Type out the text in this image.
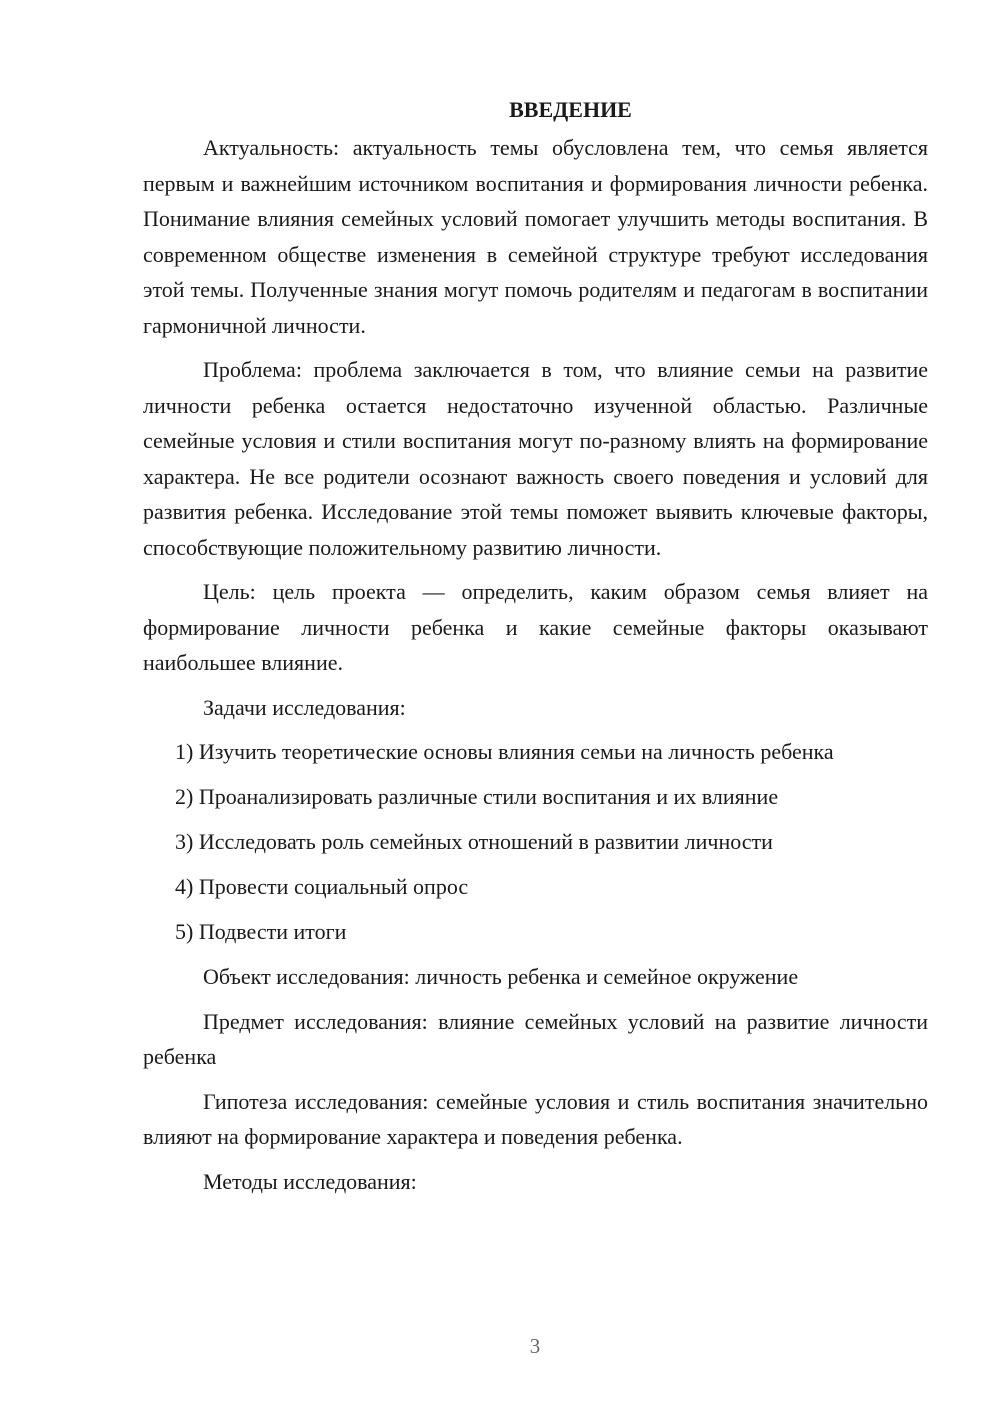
ВВЕДЕНИЕ

Актуальность: актуальность темы обусловлена тем, что семья является первым и важнейшим источником воспитания и формирования личности ребенка. Понимание влияния семейных условий помогает улучшить методы воспитания. В современном обществе изменения в семейной структуре требуют исследования этой темы. Полученные знания могут помочь родителям и педагогам в воспитании гармоничной личности.

Проблема: проблема заключается в том, что влияние семьи на развитие личности ребенка остается недостаточно изученной областью. Различные семейные условия и стили воспитания могут по-разному влиять на формирование характера. Не все родители осознают важность своего поведения и условий для развития ребенка. Исследование этой темы поможет выявить ключевые факторы, способствующие положительному развитию личности.

Цель: цель проекта — определить, каким образом семья влияет на формирование личности ребенка и какие семейные факторы оказывают наибольшее влияние.

Задачи исследования:

1) Изучить теоретические основы влияния семьи на личность ребенка
2) Проанализировать различные стили воспитания и их влияние
3) Исследовать роль семейных отношений в развитии личности
4) Провести социальный опрос
5) Подвести итоги

Объект исследования: личность ребенка и семейное окружение

Предмет исследования: влияние семейных условий на развитие личности ребенка

Гипотеза исследования: семейные условия и стиль воспитания значительно влияют на формирование характера и поведения ребенка.

Методы исследования:

3
